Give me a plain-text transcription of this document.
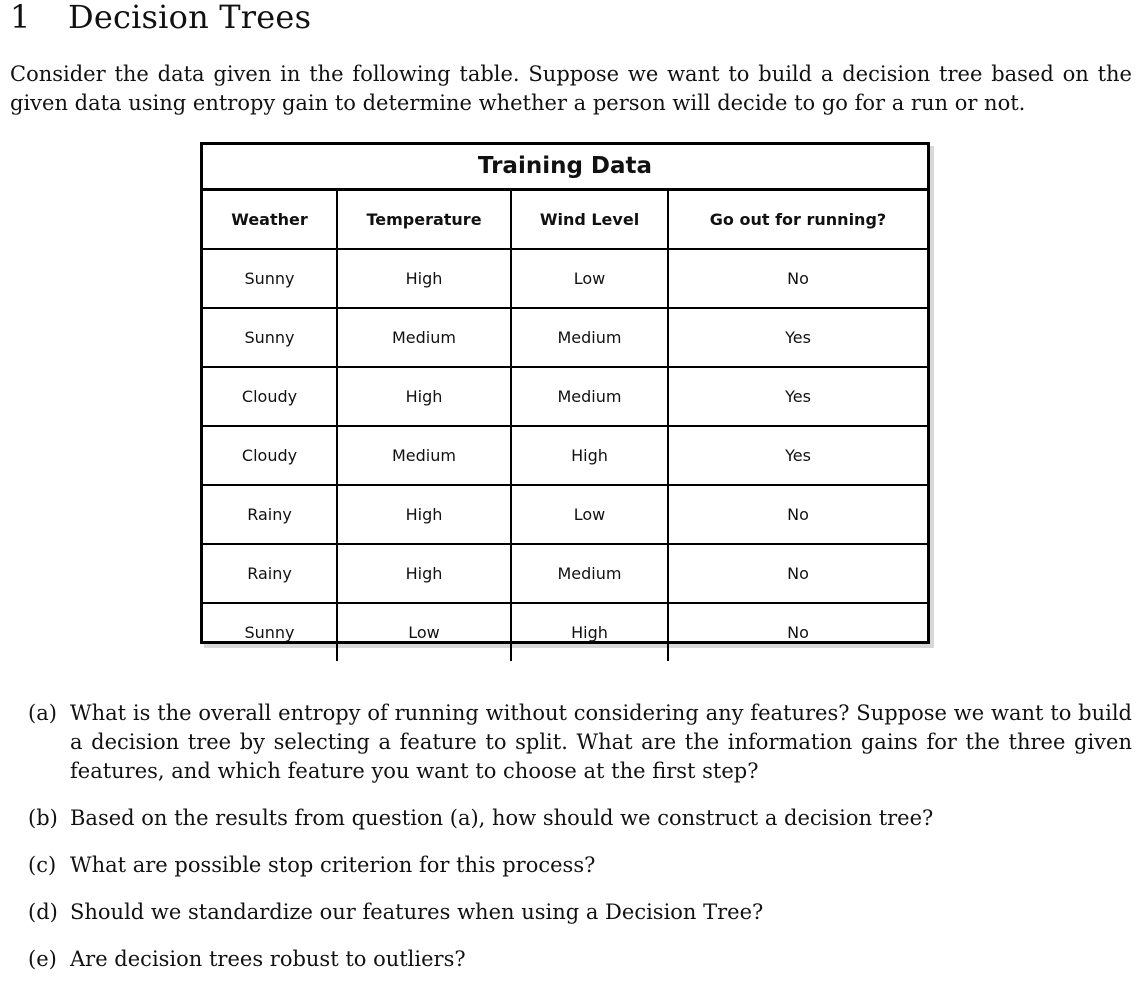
1 Decision Trees

Consider the data given in the following table. Suppose we want to build a decision tree based on the given data using entropy gain to determine whether a person will decide to go for a run or not.

Training Data
Weather	Temperature	Wind Level	Go out for running?
Sunny	High	Low	No
Sunny	Medium	Medium	Yes
Cloudy	High	Medium	Yes
Cloudy	Medium	High	Yes
Rainy	High	Low	No
Rainy	High	Medium	No
Sunny	Low	High	No
(a) What is the overall entropy of running without considering any features? Suppose we want to build a decision tree by selecting a feature to split. What are the information gains for the three given features, and which feature you want to choose at the first step?
(b) Based on the results from question (a), how should we construct a decision tree?
(c) What are possible stop criterion for this process?
(d) Should we standardize our features when using a Decision Tree?
(e) Are decision trees robust to outliers?
